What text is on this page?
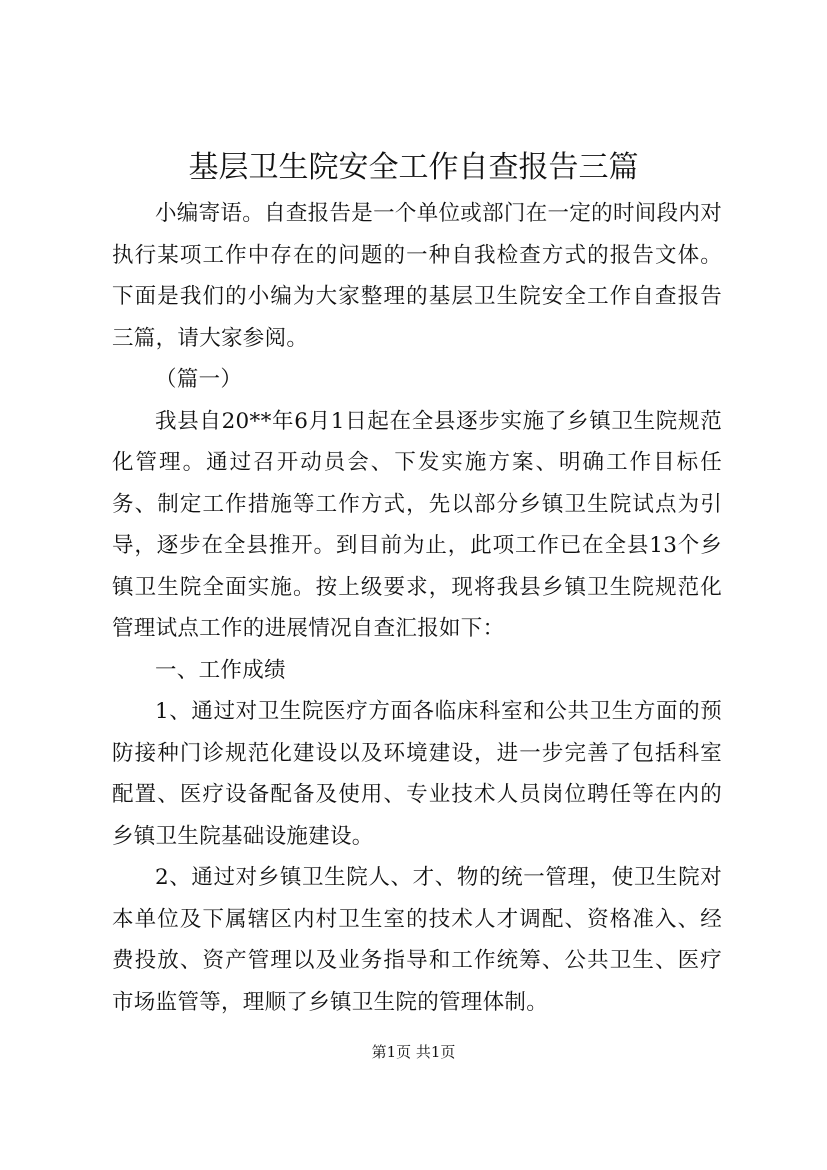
基层卫生院安全工作自查报告三篇

小编寄语。自查报告是一个单位或部门在一定的时间段内对执行某项工作中存在的问题的一种自我检查方式的报告文体。下面是我们的小编为大家整理的基层卫生院安全工作自查报告三篇，请大家参阅。

（篇一）

我县自20**年6月1日起在全县逐步实施了乡镇卫生院规范化管理。通过召开动员会、下发实施方案、明确工作目标任务、制定工作措施等工作方式，先以部分乡镇卫生院试点为引导，逐步在全县推开。到目前为止，此项工作已在全县13个乡镇卫生院全面实施。按上级要求，现将我县乡镇卫生院规范化管理试点工作的进展情况自查汇报如下：

一、工作成绩

1、通过对卫生院医疗方面各临床科室和公共卫生方面的预防接种门诊规范化建设以及环境建设，进一步完善了包括科室配置、医疗设备配备及使用、专业技术人员岗位聘任等在内的乡镇卫生院基础设施建设。

2、通过对乡镇卫生院人、才、物的统一管理，使卫生院对本单位及下属辖区内村卫生室的技术人才调配、资格准入、经费投放、资产管理以及业务指导和工作统筹、公共卫生、医疗市场监管等，理顺了乡镇卫生院的管理体制。

第1页 共1页
